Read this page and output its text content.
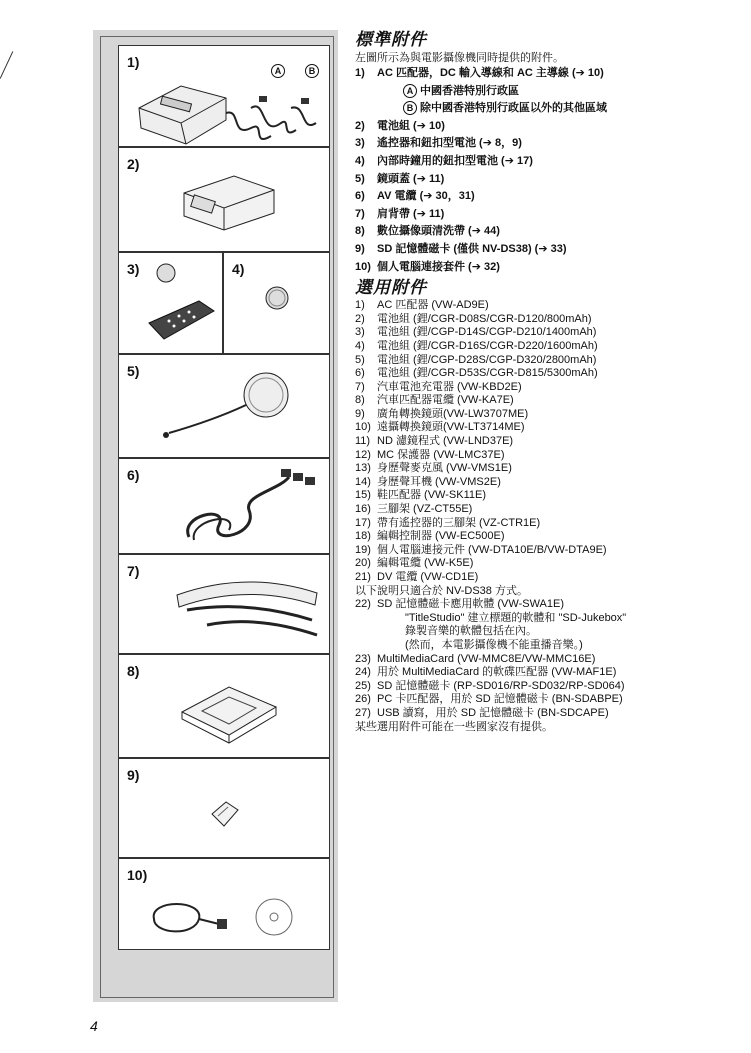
1)
A	B
2)
3)	4)
5)
6)
7)
8)
9)
10)
標準附件
左圖所示為與電影攝像機同時提供的附件。
1) AC 匹配器，DC 輸入導線和 AC 主導線 (➔ 10)
A 中國香港特別行政區
B 除中國香港特別行政區以外的其他區域
2) 電池組 (➔ 10)
3) 遙控器和鈕扣型電池 (➔ 8，9)
4) 內部時鐘用的鈕扣型電池 (➔ 17)
5) 鏡頭蓋 (➔ 11)
6) AV 電纜 (➔ 30，31)
7) 肩背帶 (➔ 11)
8) 數位攝像頭清洗帶 (➔ 44)
9) SD 記憶體磁卡 (僅供 NV-DS38) (➔ 33)
10) 個人電腦連接套件 (➔ 32)
選用附件
1) AC 匹配器 (VW-AD9E)
2) 電池組 (鋰/CGR-D08S/CGR-D120/800mAh)
3) 電池組 (鋰/CGP-D14S/CGP-D210/1400mAh)
4) 電池組 (鋰/CGR-D16S/CGR-D220/1600mAh)
5) 電池組 (鋰/CGP-D28S/CGP-D320/2800mAh)
6) 電池組 (鋰/CGR-D53S/CGR-D815/5300mAh)
7) 汽車電池充電器 (VW-KBD2E)
8) 汽車匹配器電纜 (VW-KA7E)
9) 廣角轉換鏡頭(VW-LW3707ME)
10) 遠攝轉換鏡頭(VW-LT3714ME)
11) ND 濾鏡程式 (VW-LND37E)
12) MC 保護器 (VW-LMC37E)
13) 身歷聲麥克風 (VW-VMS1E)
14) 身歷聲耳機 (VW-VMS2E)
15) 鞋匹配器 (VW-SK11E)
16) 三腳架 (VZ-CT55E)
17) 帶有遙控器的三腳架 (VZ-CTR1E)
18) 編輯控制器 (VW-EC500E)
19) 個人電腦連接元件 (VW-DTA10E/B/VW-DTA9E)
20) 編輯電纜 (VW-K5E)
21) DV 電纜 (VW-CD1E)
以下說明只適合於 NV-DS38 方式。
22) SD 記憶體磁卡應用軟體 (VW-SWA1E)
"TitleStudio" 建立標題的軟體和 "SD-Jukebox"
錄製音樂的軟體包括在內。
(然而，本電影攝像機不能重播音樂。)
23) MultiMediaCard (VW-MMC8E/VW-MMC16E)
24) 用於 MultiMediaCard 的軟碟匹配器 (VW-MAF1E)
25) SD 記憶體磁卡 (RP-SD016/RP-SD032/RP-SD064)
26) PC 卡匹配器，用於 SD 記憶體磁卡 (BN-SDABPE)
27) USB 讀寫，用於 SD 記憶體磁卡 (BN-SDCAPE)
某些選用附件可能在一些國家沒有提供。
4
